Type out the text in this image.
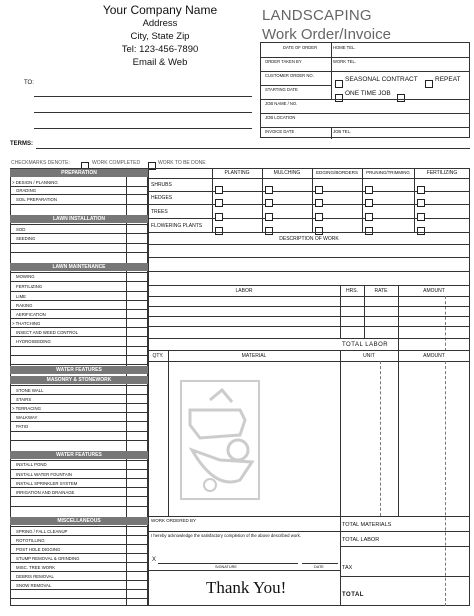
Your Company Name
Address
City, State Zip
Tel: 123-456-7890
Email & Web
LANDSCAPING
Work Order/Invoice
DATE OF ORDER	HOME TEL.
ORDER TAKEN BY	WORK TEL.
CUSTOMER ORDER NO.
SEASONAL CONTRACT	REPEAT
STARTING DATE
ONE TIME JOB
JOB NAME / NO.
JOB LOCATION
INVOICE DATE	JOB TEL.
TO:
TERMS:
CHECKMARKS DENOTE:	WORK COMPLETED	WORK TO BE DONE
PREPARATION
> DESIGN / PLANNING
GRADING
SOIL PREPARATION
LAWN INSTALLATION
SOD
SEEDING
LAWN MAINTENANCE
MOWING
FERTILIZING
LIME
RAKING
AERIFICATION
> THATCHING
INSECT AND WEED CONTROL
HYDROSEEDING
WATER FEATURES
MASONRY & STONEWORK
STONE WALL
STAIRS
> TERRACING
WALKWAY
PATIO
WATER FEATURES
INSTALL POND
INSTALL WATER FOUNTAIN
INSTALL SPRINKLER SYSTEM
IRRIGATION AND DRAINAGE
MISCELLANEOUS
SPRING / FALL CLEANUP
ROTOTILLING
POST HOLE DIGGING
STUMP REMOVAL & GRINDING
MISC. TREE WORK
DEBRIS REMOVAL
SNOW REMOVAL
PLANTING	MULCHING	EDGING/BORDERS	PRUNING/TRIMMING	FERTILIZING
SHRUBS
HEDGES
TREES
FLOWERING PLANTS
DESCRIPTION OF WORK
LABOR	HRS.	RATE	AMOUNT
TOTAL LABOR
QTY.	MATERIAL	UNIT	AMOUNT
WORK ORDERED BY
TOTAL MATERIALS
I hereby acknowledge the satisfactory completion of the above described work.
TOTAL LABOR
X
SIGNATURE	DATE	TAX
Thank You!	TOTAL
